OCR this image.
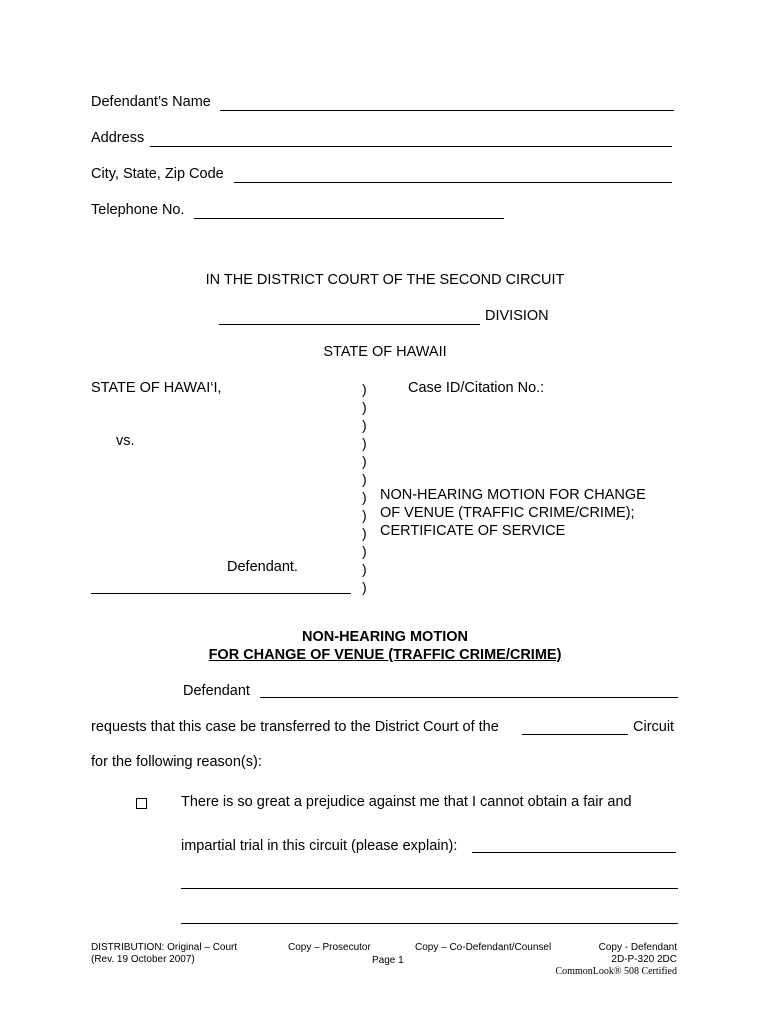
Defendant’s Name
Address
City, State, Zip Code
Telephone No.
IN THE DISTRICT COURT OF THE SECOND CIRCUIT
DIVISION
STATE OF HAWAII
STATE OF HAWAI‘I,	Case ID/Citation No.:
vs.
)
)
)
)
)
)
)
)
)
)
)
)
NON-HEARING MOTION FOR CHANGE
OF VENUE (TRAFFIC CRIME/CRIME);
CERTIFICATE OF SERVICE
Defendant.
NON-HEARING MOTION
FOR CHANGE OF VENUE (TRAFFIC CRIME/CRIME)
Defendant
requests that this case be transferred to the District Court of the	Circuit
for the following reason(s):
There is so great a prejudice against me that I cannot obtain a fair and
impartial trial in this circuit (please explain):
DISTRIBUTION: Original – Court
(Rev. 19 October 2007)
Copy – Prosecutor
Page 1
Copy – Co-Defendant/Counsel	Copy - Defendant
2D-P-320 2DC
CommonLook® 508 Certified
